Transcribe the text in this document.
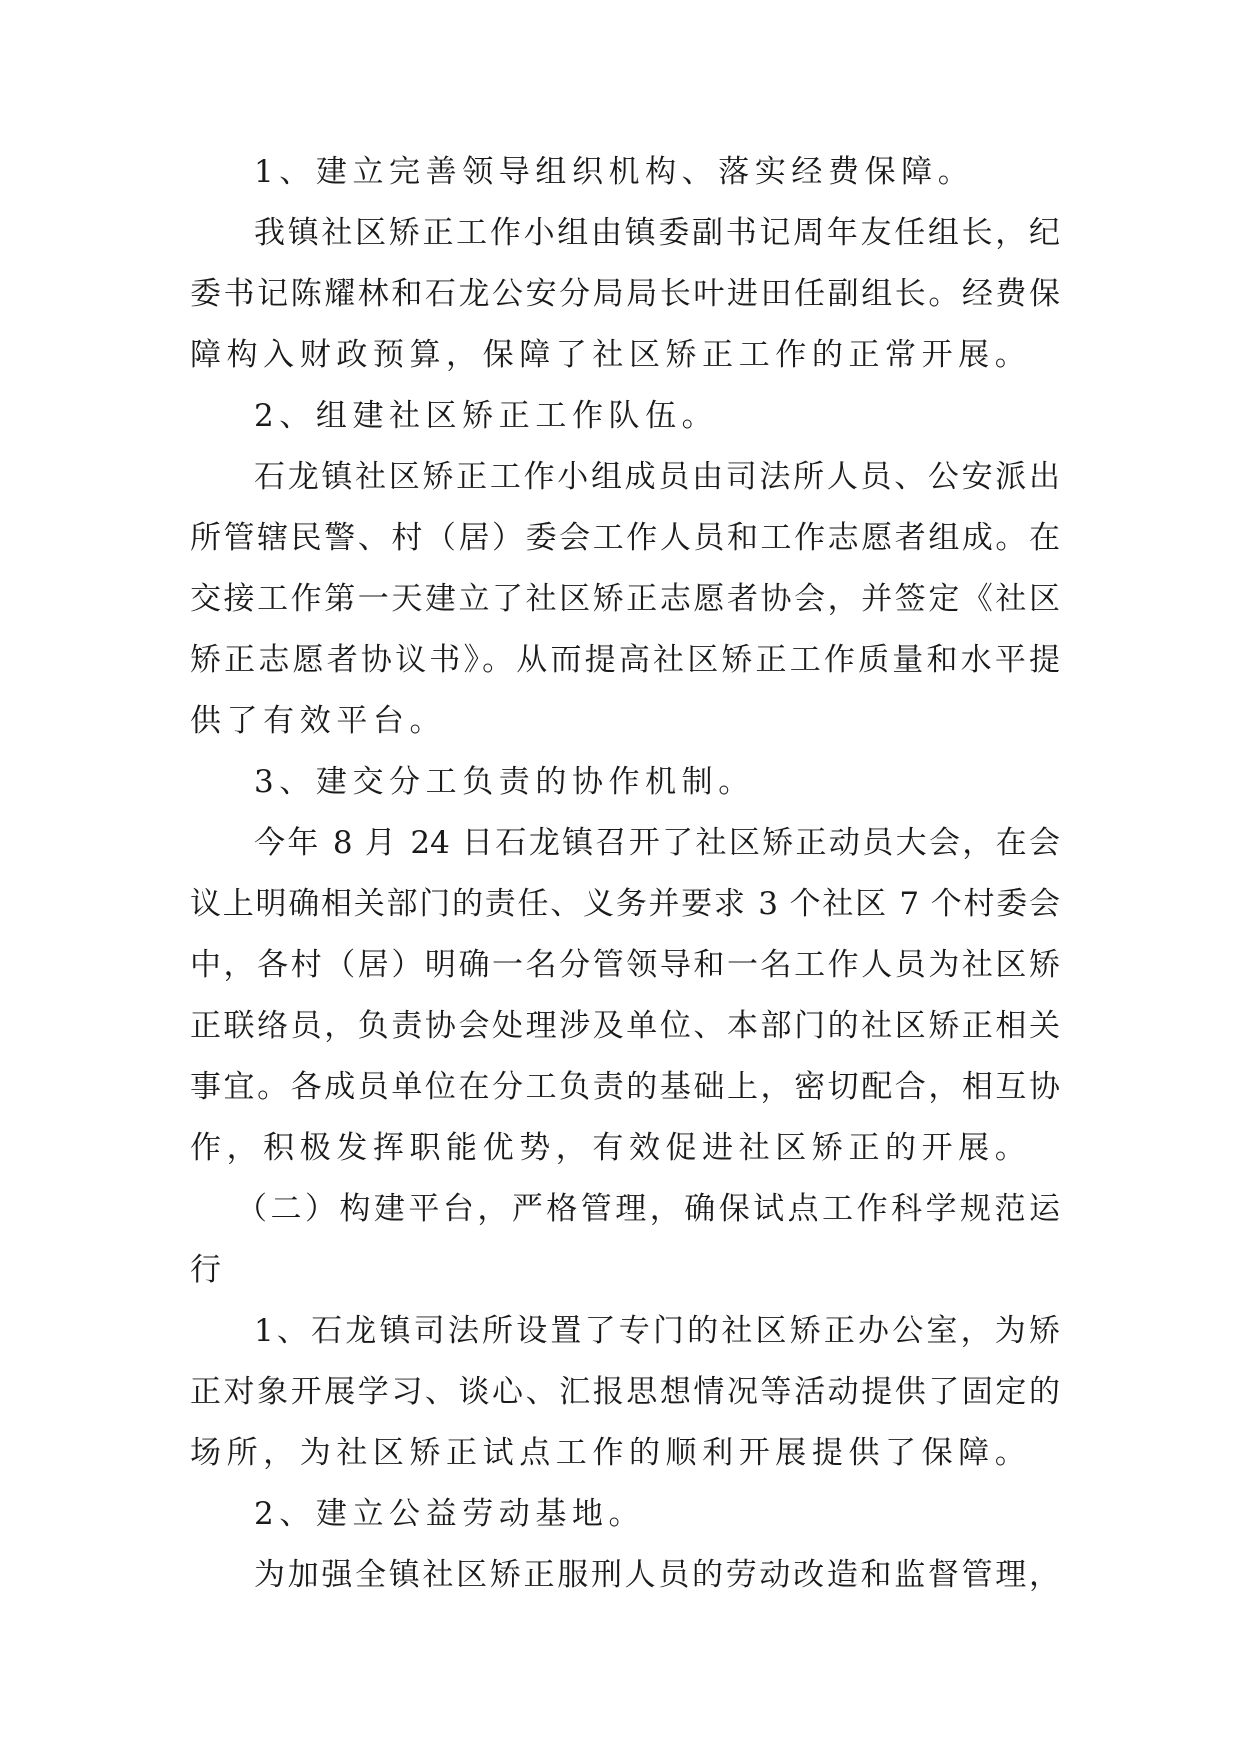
1、建立完善领导组织机构、落实经费保障。
我镇社区矫正工作小组由镇委副书记周年友任组长，纪
委书记陈耀林和石龙公安分局局长叶进田任副组长。经费保
障构入财政预算，保障了社区矫正工作的正常开展。
2、组建社区矫正工作队伍。
石龙镇社区矫正工作小组成员由司法所人员、公安派出
所管辖民警、村（居）委会工作人员和工作志愿者组成。在
交接工作第一天建立了社区矫正志愿者协会，并签定《社区
矫正志愿者协议书》。从而提高社区矫正工作质量和水平提
供了有效平台。
3、建交分工负责的协作机制。
今年 8 月 24 日石龙镇召开了社区矫正动员大会，在会
议上明确相关部门的责任、义务并要求 3 个社区 7 个村委会
中，各村（居）明确一名分管领导和一名工作人员为社区矫
正联络员，负责协会处理涉及单位、本部门的社区矫正相关
事宜。各成员单位在分工负责的基础上，密切配合，相互协
作，积极发挥职能优势，有效促进社区矫正的开展。
（二）构建平台，严格管理，确保试点工作科学规范运
行
1、石龙镇司法所设置了专门的社区矫正办公室，为矫
正对象开展学习、谈心、汇报思想情况等活动提供了固定的
场所，为社区矫正试点工作的顺利开展提供了保障。
2、建立公益劳动基地。
为加强全镇社区矫正服刑人员的劳动改造和监督管理，
